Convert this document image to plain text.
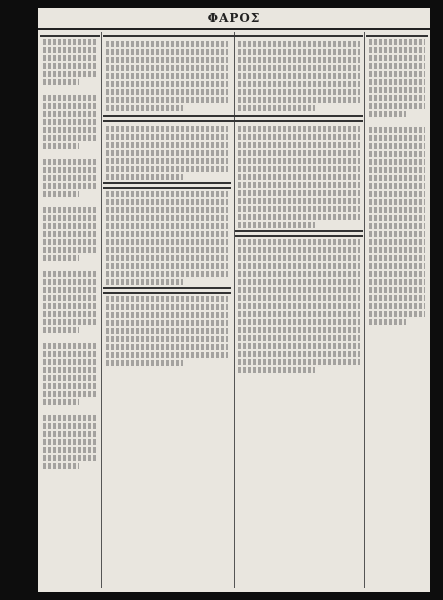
ΦΑΡΟΣ
